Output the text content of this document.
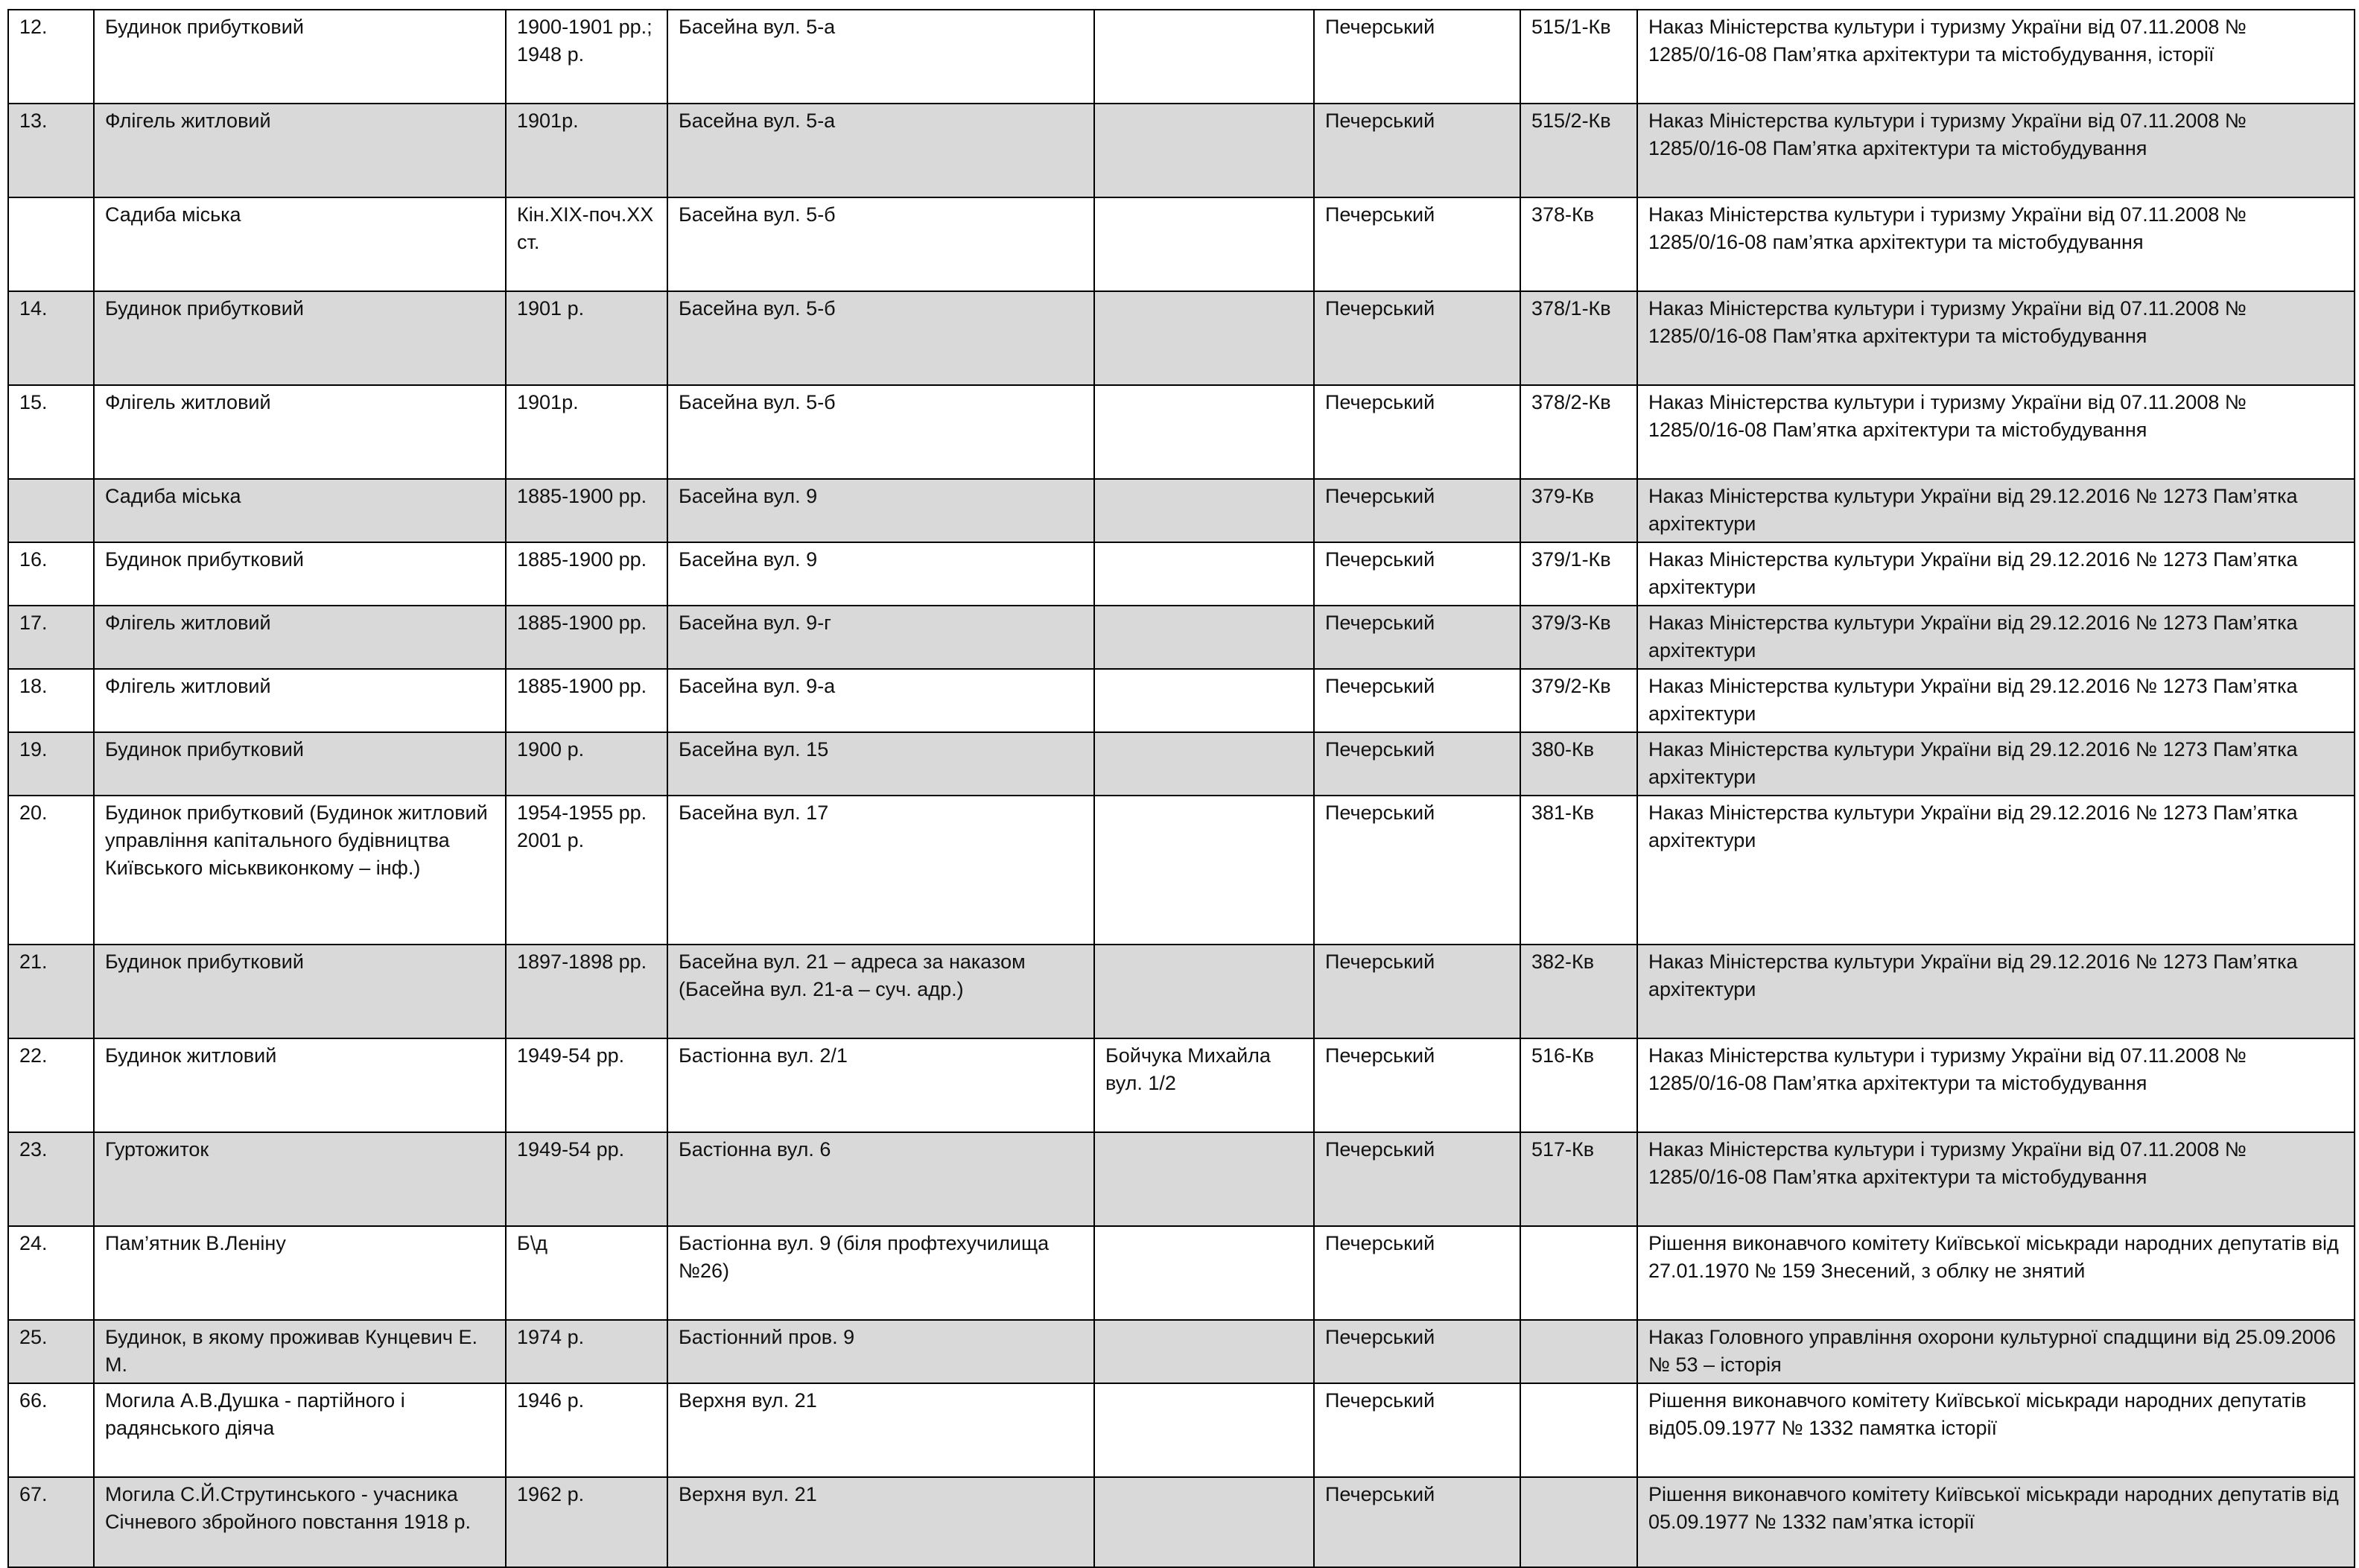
12.	Будинок прибутковий	1900-1901 рр.; 1948 р.	Басейна вул. 5-а		Печерський	515/1-Кв	Наказ Міністерства культури і туризму України від 07.11.2008 № 1285/0/16-08 Пам’ятка архітектури та містобудування, історії
13.	Флігель житловий	1901р.	Басейна вул. 5-а		Печерський	515/2-Кв	Наказ Міністерства культури і туризму України від 07.11.2008 № 1285/0/16-08 Пам’ятка архітектури та містобудування
	Садиба міська	Кін.ХІХ-поч.ХХ ст.	Басейна вул. 5-б		Печерський	378-Кв	Наказ Міністерства культури і туризму України від 07.11.2008 № 1285/0/16-08 пам’ятка архітектури та містобудування
14.	Будинок прибутковий	1901 р.	Басейна вул. 5-б		Печерський	378/1-Кв	Наказ Міністерства культури і туризму України від 07.11.2008 № 1285/0/16-08 Пам’ятка архітектури та містобудування
15.	Флігель житловий	1901р.	Басейна вул. 5-б		Печерський	378/2-Кв	Наказ Міністерства культури і туризму України від 07.11.2008 № 1285/0/16-08 Пам’ятка архітектури та містобудування
	Садиба міська	1885-1900 рр.	Басейна вул. 9		Печерський	379-Кв	Наказ Міністерства культури України від 29.12.2016 № 1273 Пам’ятка архітектури
16.	Будинок прибутковий	1885-1900 рр.	Басейна вул. 9		Печерський	379/1-Кв	Наказ Міністерства культури України від 29.12.2016 № 1273 Пам’ятка архітектури
17.	Флігель житловий	1885-1900 рр.	Басейна вул. 9-г		Печерський	379/3-Кв	Наказ Міністерства культури України від 29.12.2016 № 1273 Пам’ятка архітектури
18.	Флігель житловий	1885-1900 рр.	Басейна вул. 9-а		Печерський	379/2-Кв	Наказ Міністерства культури України від 29.12.2016 № 1273 Пам’ятка архітектури
19.	Будинок прибутковий	1900 р.	Басейна вул. 15		Печерський	380-Кв	Наказ Міністерства культури України від 29.12.2016 № 1273 Пам’ятка архітектури
20.	Будинок прибутковий (Будинок житловий управління капітального будівництва Київського міськвиконкому – інф.)	1954-1955 рр. 2001 р.	Басейна вул. 17		Печерський	381-Кв	Наказ Міністерства культури України від 29.12.2016 № 1273 Пам’ятка архітектури
21.	Будинок прибутковий	1897-1898 рр.	Басейна вул. 21 – адреса за наказом (Басейна вул. 21-а – суч. адр.)		Печерський	382-Кв	Наказ Міністерства культури України від 29.12.2016 № 1273 Пам’ятка архітектури
22.	Будинок житловий	1949-54 рр.	Бастіонна вул. 2/1	Бойчука Михайла вул. 1/2	Печерський	516-Кв	Наказ Міністерства культури і туризму України від 07.11.2008 № 1285/0/16-08 Пам’ятка архітектури та містобудування
23.	Гуртожиток	1949-54 рр.	Бастіонна вул. 6		Печерський	517-Кв	Наказ Міністерства культури і туризму України від 07.11.2008 № 1285/0/16-08 Пам’ятка архітектури та містобудування
24.	Пам’ятник В.Леніну	Б\д	Бастіонна вул. 9 (біля профтехучилища №26)		Печерський		Рішення виконавчого комітету Київської міськради народних депутатів від 27.01.1970 № 159 Знесений, з облку не знятий
25.	Будинок, в якому проживав Кунцевич Е. М.	1974 р.	Бастіонний пров. 9		Печерський		Наказ Головного управління охорони культурної спадщини від 25.09.2006 № 53 – історія
66.	Могила А.В.Душка - партійного і радянського діяча	1946 р.	Верхня вул. 21		Печерський		Рішення виконавчого комітету Київської міськради народних депутатів від05.09.1977 № 1332 памятка історії
67.	Могила С.Й.Струтинського - учасника Січневого збройного повстання 1918 р.	1962 р.	Верхня вул. 21		Печерський		Рішення виконавчого комітету Київської міськради народних депутатів від 05.09.1977 № 1332 пам’ятка історії
